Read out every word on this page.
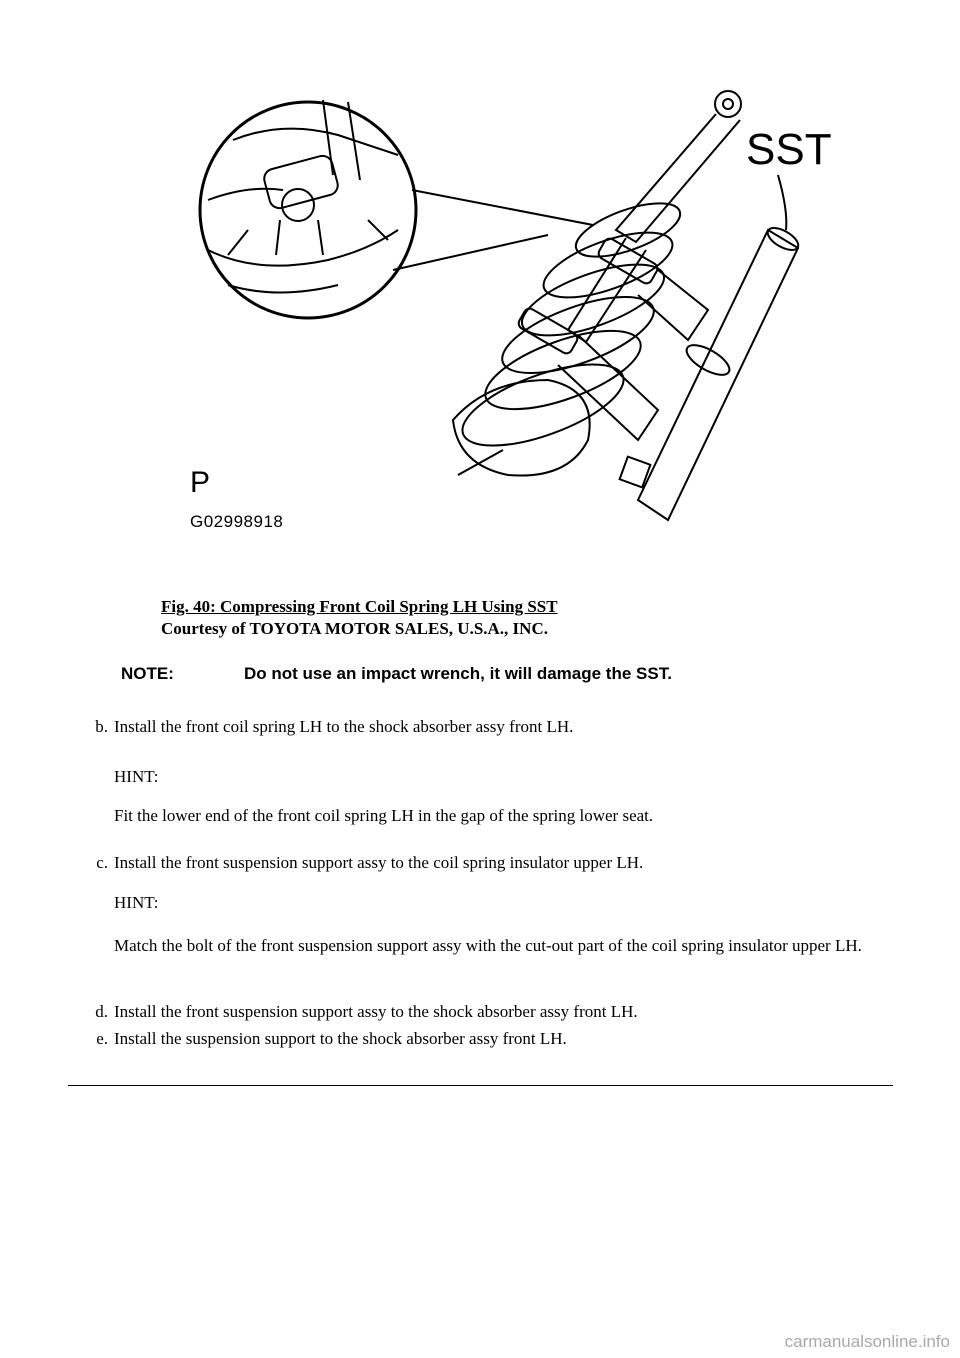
SST
P
G02998918
Fig. 40: Compressing Front Coil Spring LH Using SST
Courtesy of TOYOTA MOTOR SALES, U.S.A., INC.
NOTE:	Do not use an impact wrench, it will damage the SST.
b. Install the front coil spring LH to the shock absorber assy front LH.
HINT:
Fit the lower end of the front coil spring LH in the gap of the spring lower seat.
c. Install the front suspension support assy to the coil spring insulator upper LH.
HINT:
Match the bolt of the front suspension support assy with the cut-out part of the coil spring insulator upper LH.
d. Install the front suspension support assy to the shock absorber assy front LH.
e. Install the suspension support to the shock absorber assy front LH.
carmanualsonline.info
